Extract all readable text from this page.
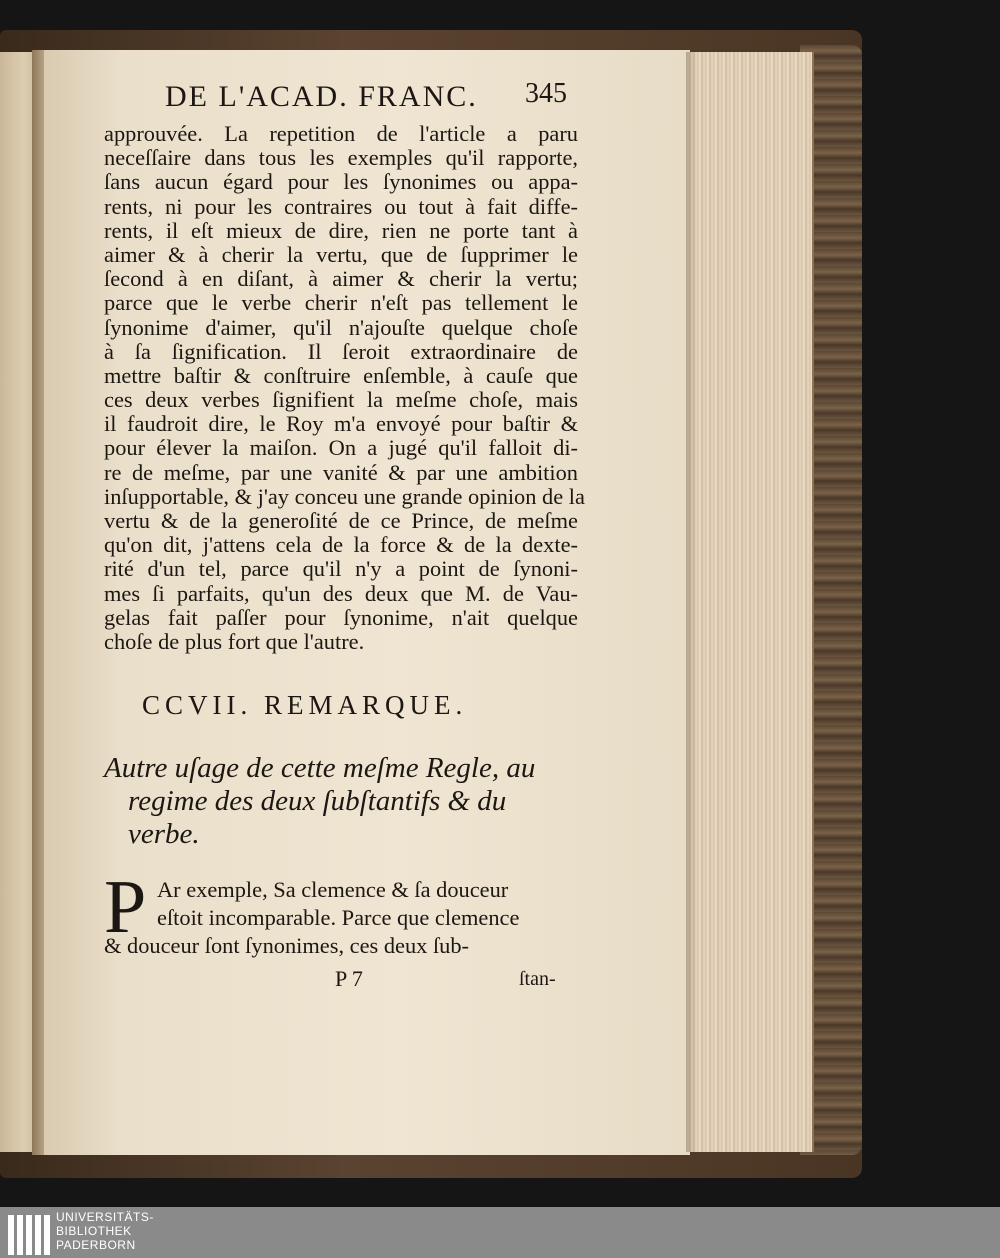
DE L'ACAD. FRANC. 345
approuvée. La repetition de l'article a paru
neceſſaire dans tous les exemples qu'il rapporte,
ſans aucun égard pour les ſynonimes ou appa-
rents, ni pour les contraires ou tout à fait diffe-
rents, il eſt mieux de dire, rien ne porte tant à
aimer & à cherir la vertu, que de ſupprimer le
ſecond à en diſant, à aimer & cherir la vertu;
parce que le verbe cherir n'eſt pas tellement le
ſynonime d'aimer, qu'il n'ajouſte quelque choſe
à ſa ſignification. Il ſeroit extraordinaire de
mettre baſtir & conſtruire enſemble, à cauſe que
ces deux verbes ſignifient la meſme choſe, mais
il faudroit dire, le Roy m'a envoyé pour baſtir &
pour élever la maiſon. On a jugé qu'il falloit di-
re de meſme, par une vanité & par une ambition
inſupportable, & j'ay conceu une grande opinion de la
vertu & de la generoſité de ce Prince, de meſme
qu'on dit, j'attens cela de la force & de la dexte-
rité d'un tel, parce qu'il n'y a point de ſynoni-
mes ſi parfaits, qu'un des deux que M. de Vau-
gelas fait paſſer pour ſynonime, n'ait quelque
choſe de plus fort que l'autre.
CCVII. REMARQUE.
Autre uſage de cette meſme Regle, au
regime des deux ſubſtantifs & du
verbe.
P Ar exemple, Sa clemence & ſa douceur
eſtoit incomparable. Parce que clemence
& douceur ſont ſynonimes, ces deux ſub-
P 7	ſtan-
UNIVERSITÄTS-
BIBLIOTHEK
PADERBORN
